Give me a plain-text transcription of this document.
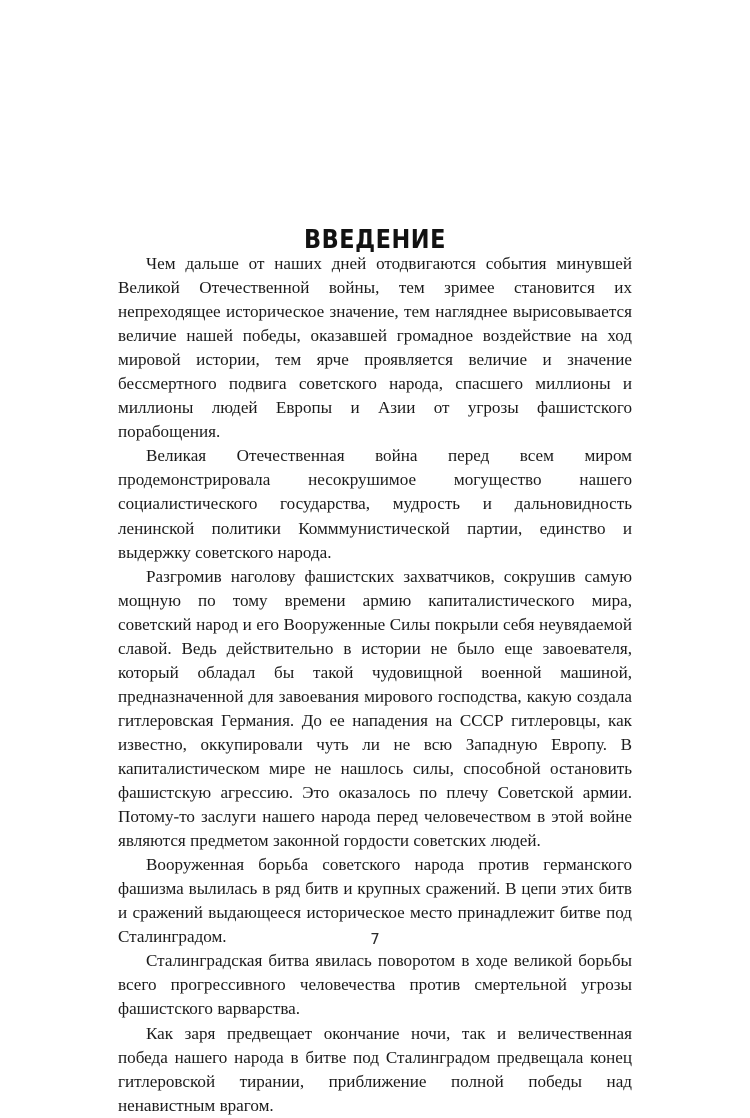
ВВЕДЕНИЕ

Чем дальше от наших дней отодвигаются события минувшей Великой Отечественной войны, тем зримее становится их непреходящее историческое значение, тем нагляднее вырисовывается величие нашей победы, оказавшей громадное воздействие на ход мировой истории, тем ярче проявляется величие и значение бессмертного подвига советского народа, спасшего миллионы и миллионы людей Европы и Азии от угрозы фашистского порабощения.

Великая Отечественная война перед всем миром продемонстрировала несокрушимое могущество нашего социалистического государства, мудрость и дальновидность ленинской политики Комммунистической партии, единство и выдержку советского народа.

Разгромив наголову фашистских захватчиков, сокрушив самую мощную по тому времени армию капиталистического мира, советский народ и его Вооруженные Силы покрыли себя неувядаемой славой. Ведь действительно в истории не было еще завоевателя, который обладал бы такой чудовищной военной машиной, предназначенной для завоевания мирового господства, какую создала гитлеровская Германия. До ее нападения на СССР гитлеровцы, как известно, оккупировали чуть ли не всю Западную Европу. В капиталистическом мире не нашлось силы, способной остановить фашистскую агрессию. Это оказалось по плечу Советской армии. Потому-то заслуги нашего народа перед человечеством в этой войне являются предметом законной гордости советских людей.

Вооруженная борьба советского народа против германского фашизма вылилась в ряд битв и крупных сражений. В цепи этих битв и сражений выдающееся историческое место принадлежит битве под Сталинградом.

Сталинградская битва явилась поворотом в ходе великой борьбы всего прогрессивного человечества против смертельной угрозы фашистского варварства.

Как заря предвещает окончание ночи, так и величественная победа нашего народа в битве под Сталинградом предвещала конец гитлеровской тирании, приближение полной победы над ненавистным врагом.

7
